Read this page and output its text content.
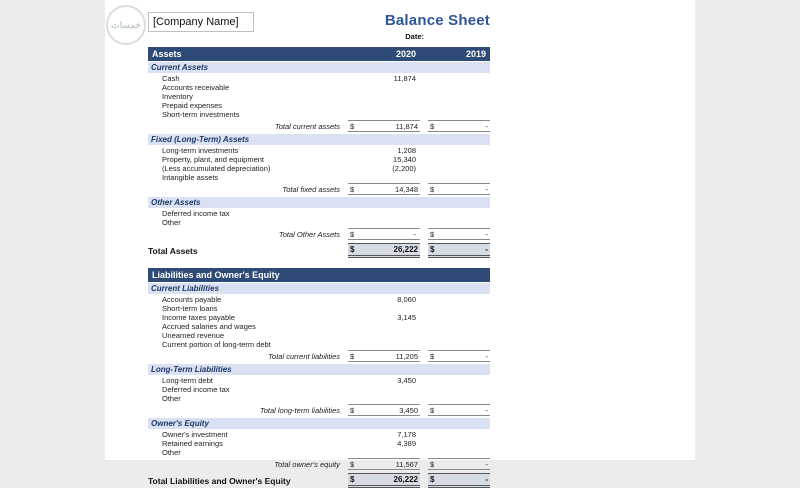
خمسات	[Company Name]	Balance Sheet
Date:
Assets	2020	2019
Current Assets
Cash	11,874
Accounts receivable
Inventory
Prepaid expenses
Short-term investments
Total current assets	$	11,874 $	-
Fixed (Long-Term) Assets
Long-term investments	1,208
Property, plant, and equipment	15,340
(Less accumulated depreciation)	(2,200)
Intangible assets
Total fixed assets	$	14,348 $	-
Other Assets
Deferred income tax
Other
Total Other Assets	$	- $	-
Total Assets	$	26,222 $	-
Liabilities and Owner's Equity
Current Liabilities
Accounts payable	8,060
Short-term loans
Income taxes payable	3,145
Accrued salaries and wages
Unearned revenue
Current portion of long-term debt
Total current liabilities	$	11,205 $	-
Long-Term Liabilities
Long-term debt	3,450
Deferred income tax
Other
Total long-term liabilities	$	3,450 $	-
Owner's Equity
Owner's investment	7,178
Retained earnings	4,389
Other
Total owner's equity	$	11,567 $	-
Total Liabilities and Owner's Equity	$	26,222 $	-
